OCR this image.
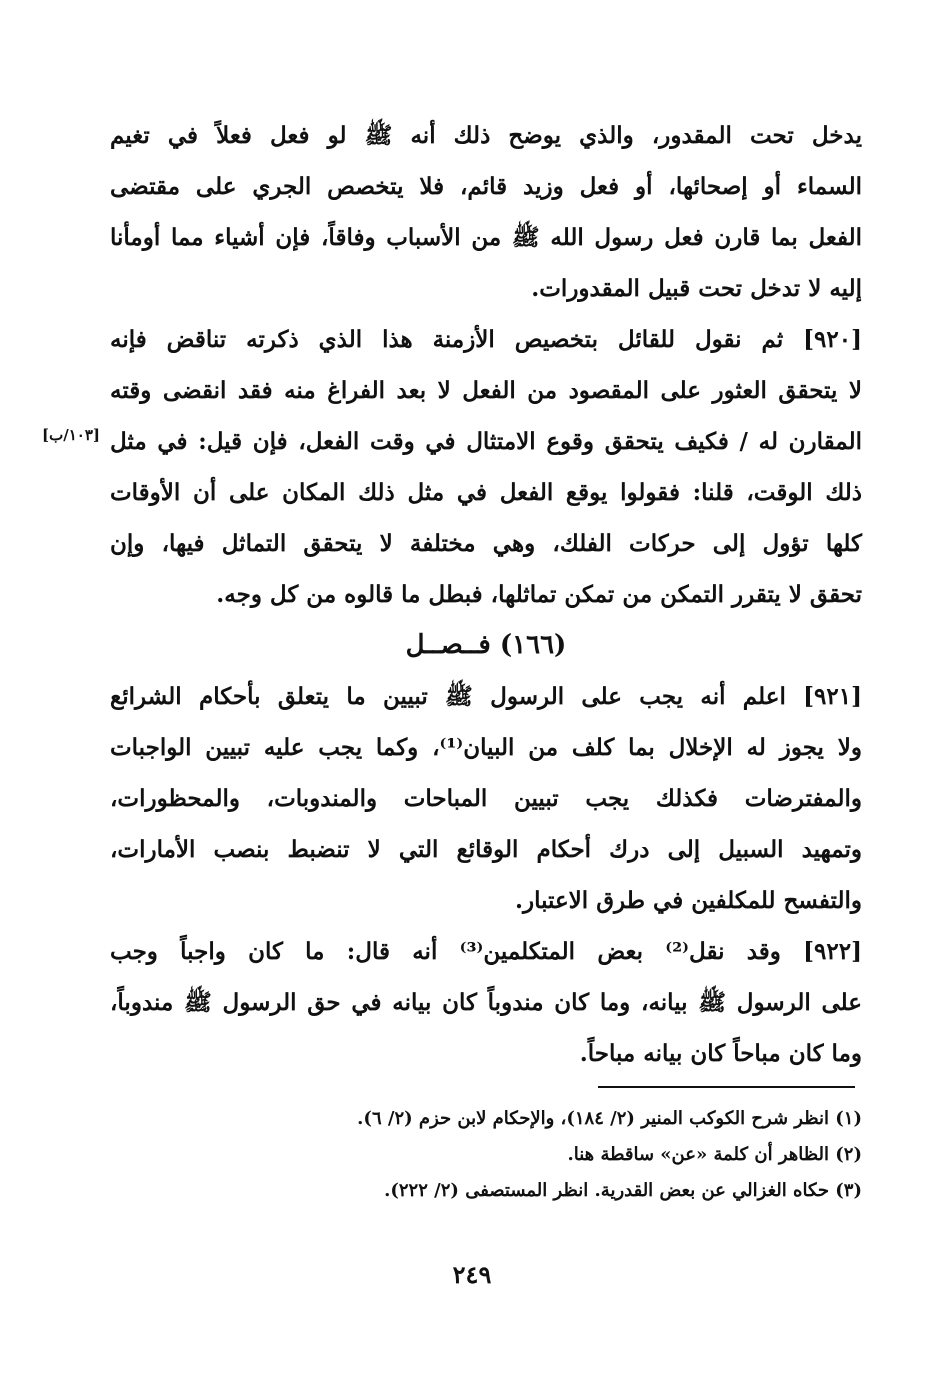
يدخل تحت المقدور، والذي يوضح ذلك أنه ﷺ لو فعل فعلاً في تغيم
السماء أو إصحائها، أو فعل وزيد قائم، فلا يتخصص الجري على مقتضى
الفعل بما قارن فعل رسول الله ﷺ من الأسباب وفاقاً، فإن أشياء مما أومأنا
إليه لا تدخل تحت قبيل المقدورات.
[٩٢٠] ثم نقول للقائل بتخصيص الأزمنة هذا الذي ذكرته تناقض فإنه
لا يتحقق العثور على المقصود من الفعل لا بعد الفراغ منه فقد انقضى وقته
المقارن له / فكيف يتحقق وقوع الامتثال في وقت الفعل، فإن قيل: في مثل
ذلك الوقت، قلنا: فقولوا يوقع الفعل في مثل ذلك المكان على أن الأوقات
كلها تؤول إلى حركات الفلك، وهي مختلفة لا يتحقق التماثل فيها، وإن
تحقق لا يتقرر التمكن من تمكن تماثلها، فبطل ما قالوه من كل وجه.
(١٦٦) فــصــل
[٩٢١] اعلم أنه يجب على الرسول ﷺ تبيين ما يتعلق بأحكام الشرائع
ولا يجوز له الإخلال بما كلف من البيان⁽¹⁾، وكما يجب عليه تبيين الواجبات
والمفترضات فكذلك يجب تبيين المباحات والمندوبات، والمحظورات،
وتمهيد السبيل إلى درك أحكام الوقائع التي لا تنضبط بنصب الأمارات،
والتفسح للمكلفين في طرق الاعتبار.
[٩٢٢] وقد نقل⁽²⁾ بعض المتكلمين⁽³⁾ أنه قال: ما كان واجباً وجب
على الرسول ﷺ بيانه، وما كان مندوباً كان بيانه في حق الرسول ﷺ مندوباً،
وما كان مباحاً كان بيانه مباحاً.
[١٠٣/ب]
(١) انظر شرح الكوكب المنير (٢/ ١٨٤)، والإحكام لابن حزم (٢/ ٦).
(٢) الظاهر أن كلمة «عن» ساقطة هنا.
(٣) حكاه الغزالي عن بعض القدرية. انظر المستصفى (٢/ ٢٢٢).
٢٤٩
